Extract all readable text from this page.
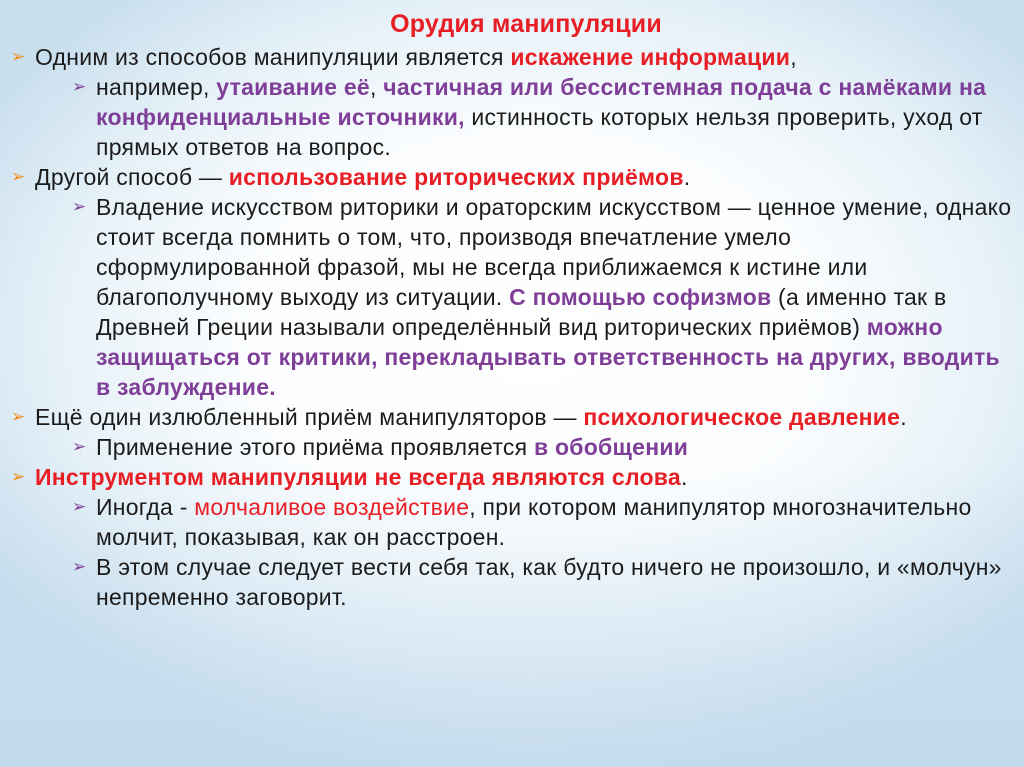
Орудия манипуляции
➢ Одним из способов манипуляции является искажение информации,
➢ например, утаивание её, частичная или бессистемная подача с намёками на конфиденциальные источники, истинность которых нельзя проверить, уход от прямых ответов на вопрос.
➢ Другой способ — использование риторических приёмов.
➢ Владение искусством риторики и ораторским искусством — ценное умение, однако стоит всегда помнить о том, что, производя впечатление умело сформулированной фразой, мы не всегда приближаемся к истине или благополучному выходу из ситуации. С помощью софизмов (а именно так в Древней Греции называли определённый вид риторических приёмов) можно защищаться от критики, перекладывать ответственность на других, вводить в заблуждение.
➢ Ещё один излюбленный приём манипуляторов — психологическое давление.
➢ Применение этого приёма проявляется в обобщении
➢ Инструментом манипуляции не всегда являются слова.
➢ Иногда - молчаливое воздействие, при котором манипулятор многозначительно молчит, показывая, как он расстроен.
➢ В этом случае следует вести себя так, как будто ничего не произошло, и «молчун» непременно заговорит.
